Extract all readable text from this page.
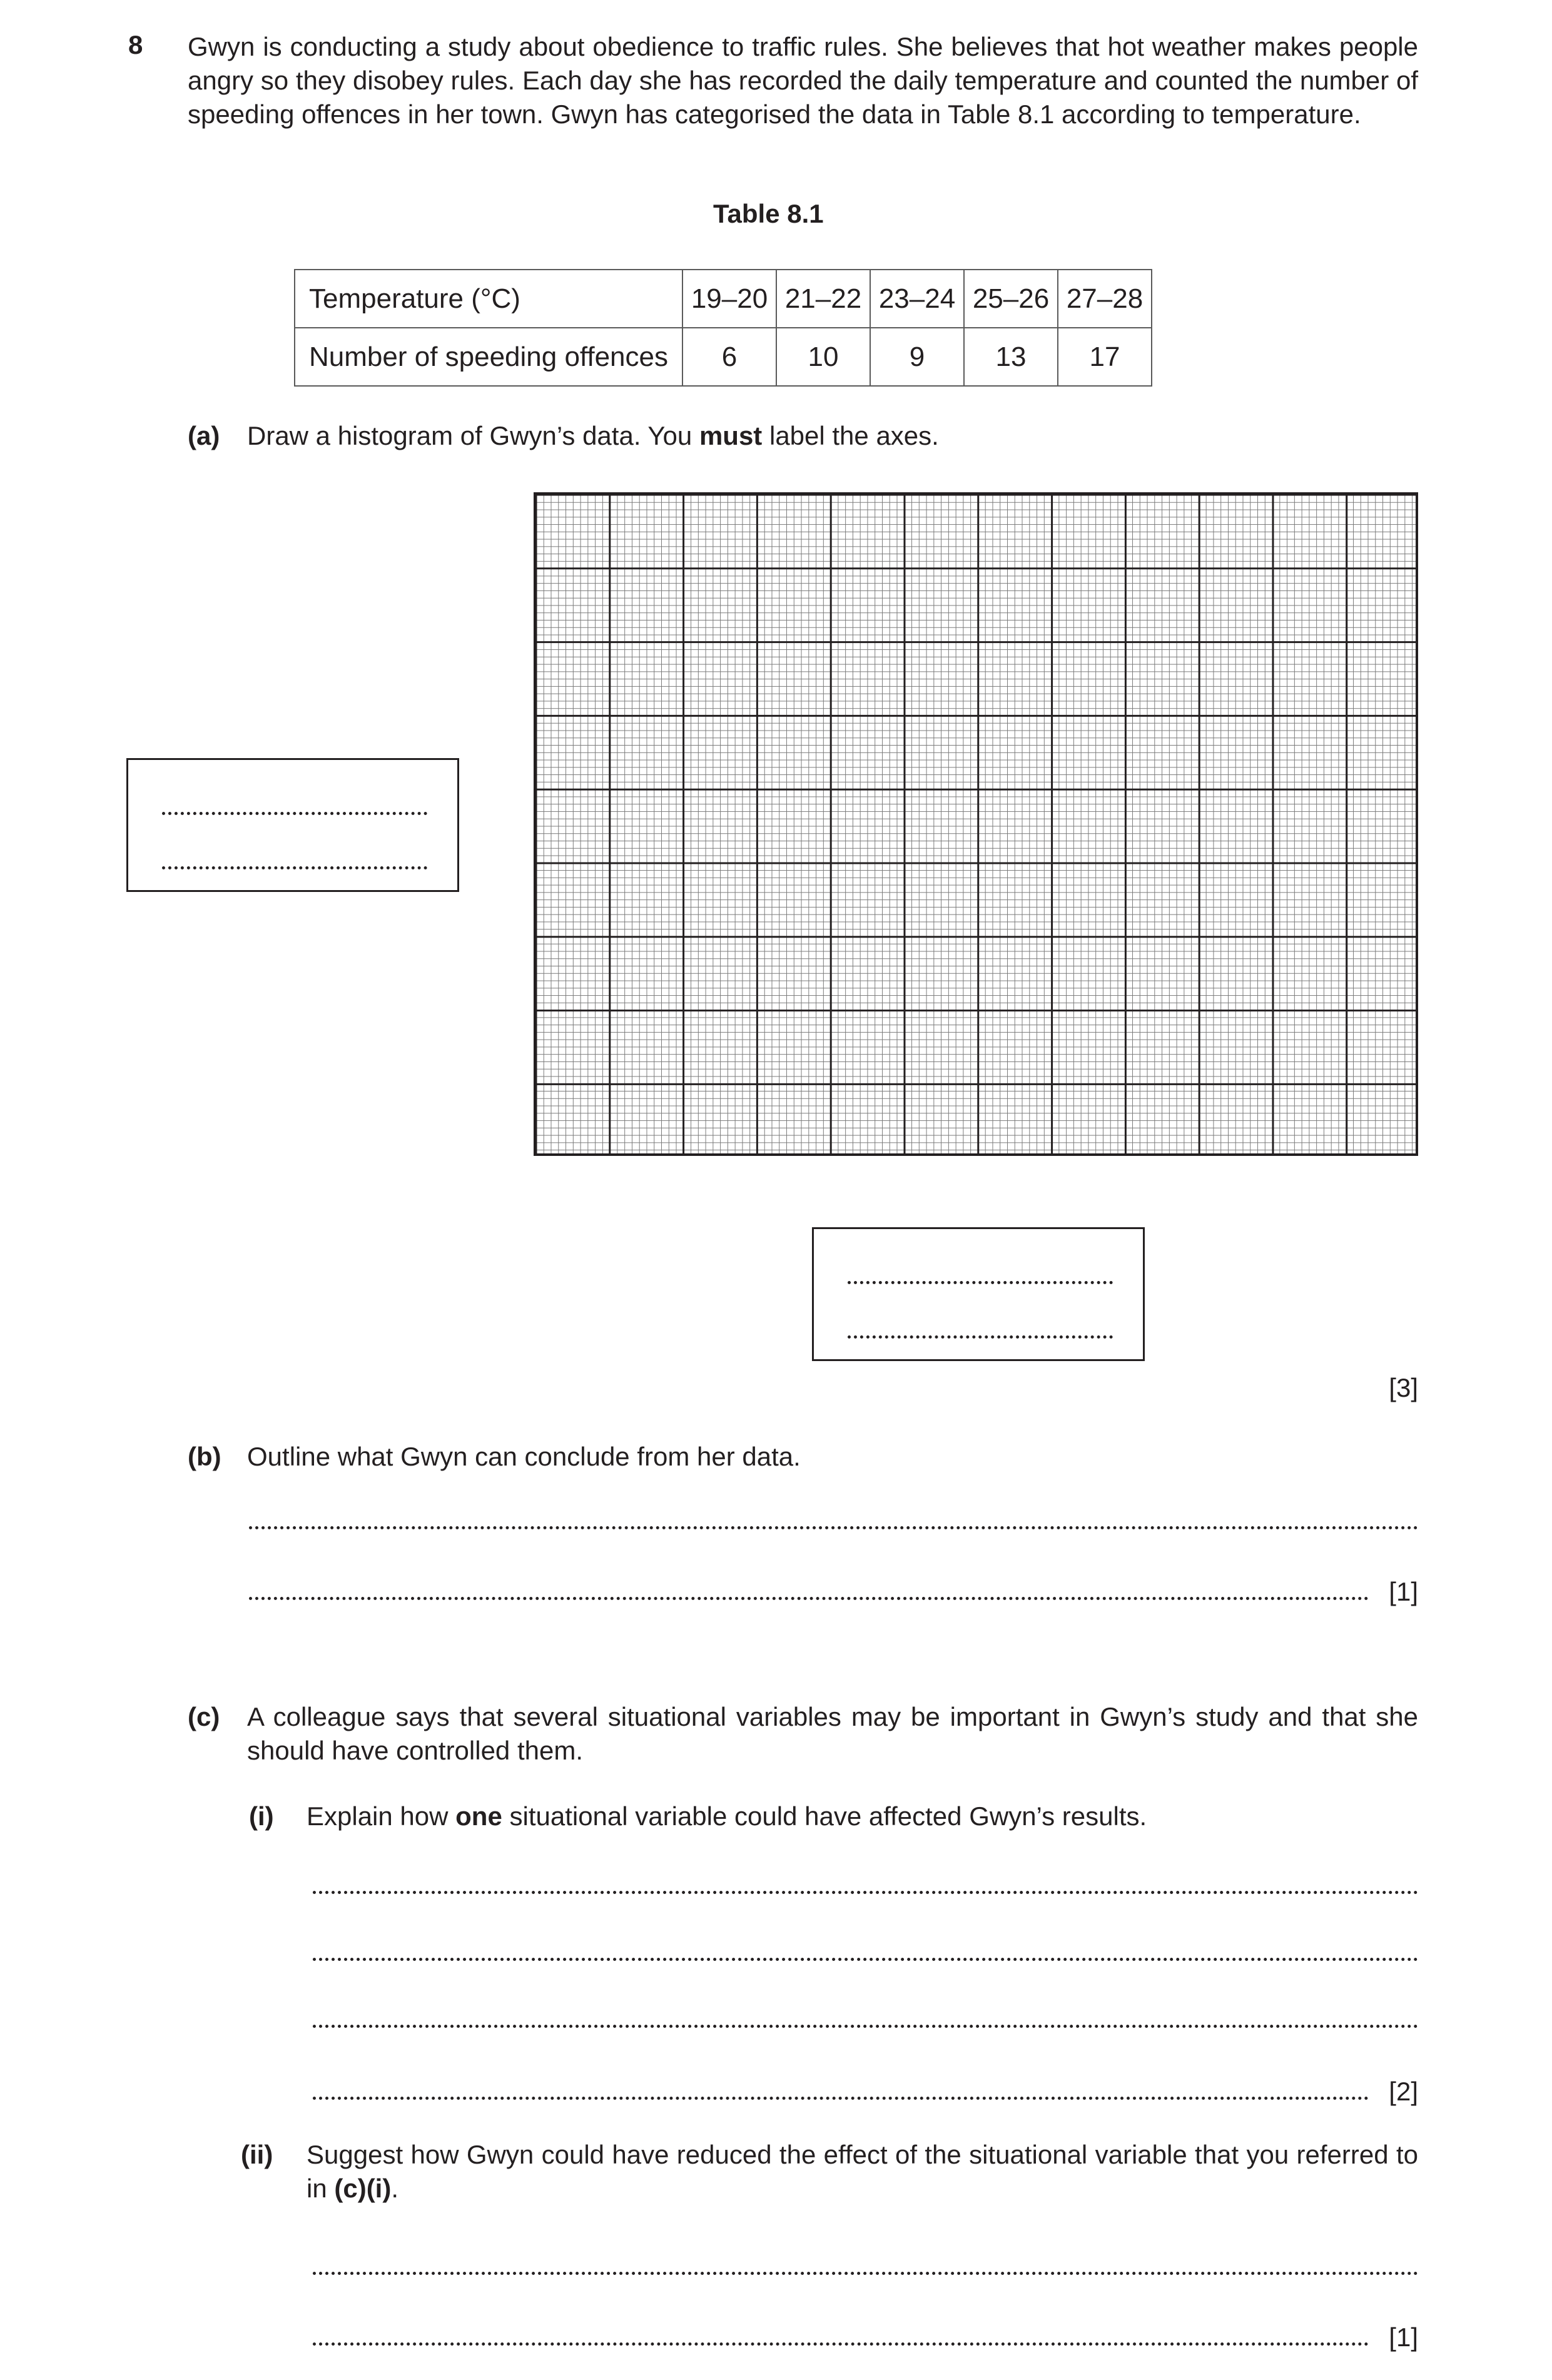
8 Gwyn is conducting a study about obedience to traffic rules. She believes that hot weather makes people angry so they disobey rules. Each day she has recorded the daily temperature and counted the number of speeding offences in her town. Gwyn has categorised the data in Table 8.1 according to temperature.
Table 8.1
Temperature (°C)	19–20	21–22	23–24	25–26	27–28
Number of speeding offences	6	10	9	13	17
(a) Draw a histogram of Gwyn’s data. You must label the axes.
[3]
(b) Outline what Gwyn can conclude from her data.
[1]
(c) A colleague says that several situational variables may be important in Gwyn’s study and that she should have controlled them.
(i) Explain how one situational variable could have affected Gwyn’s results.
[2]
(ii) Suggest how Gwyn could have reduced the effect of the situational variable that you referred to in (c)(i).
[1]
